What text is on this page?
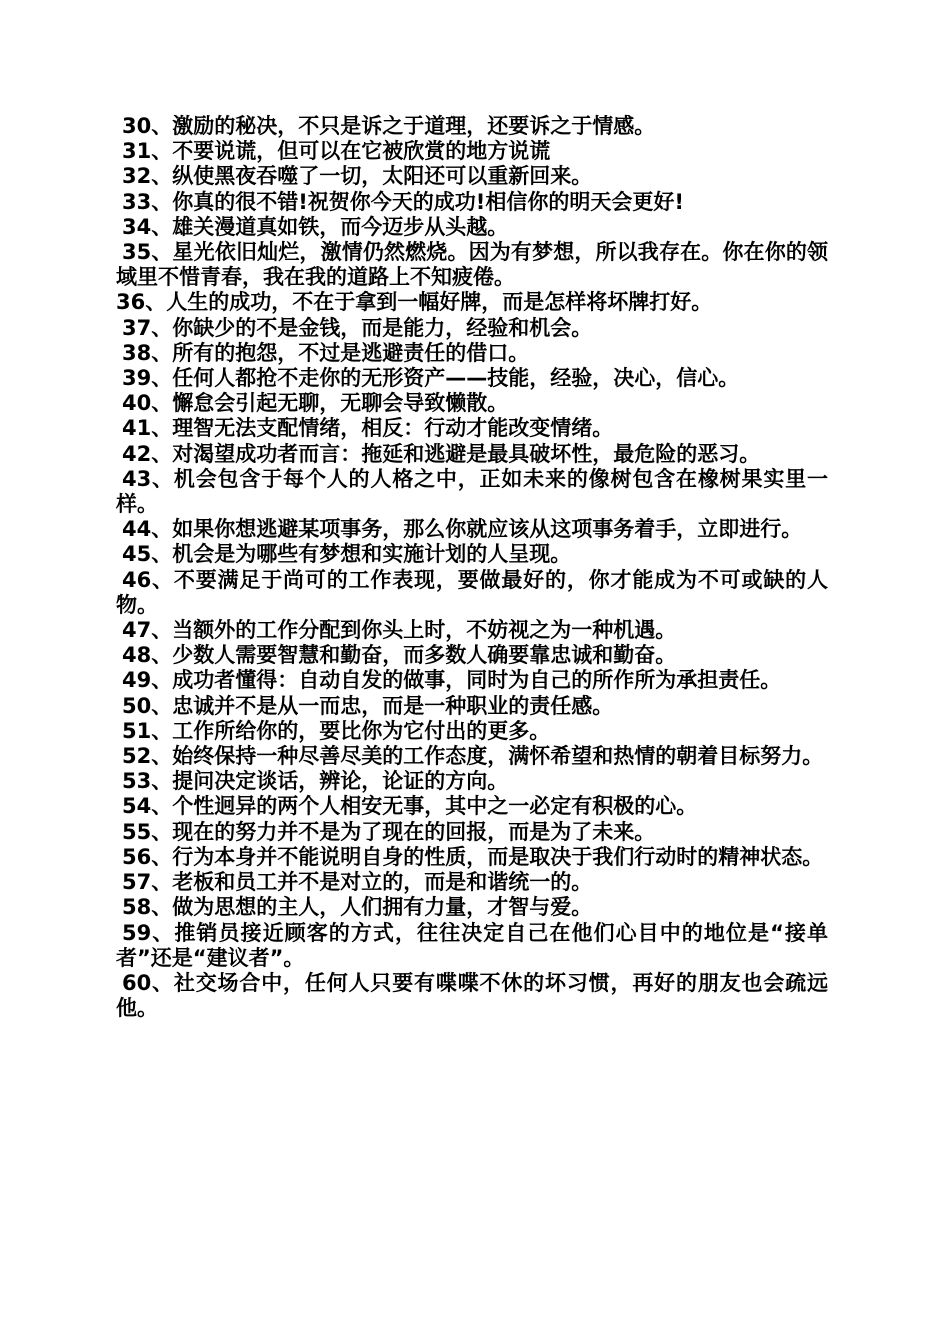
30、激励的秘决，不只是诉之于道理，还要诉之于情感。

31、不要说谎，但可以在它被欣赏的地方说谎

32、纵使黑夜吞噬了一切，太阳还可以重新回来。

33、你真的很不错!祝贺你今天的成功!相信你的明天会更好!

34、雄关漫道真如铁，而今迈步从头越。

35、星光依旧灿烂，激情仍然燃烧。因为有梦想，所以我存在。你在你的领域里不惜青春，我在我的道路上不知疲倦。

36、人生的成功，不在于拿到一幅好牌，而是怎样将坏牌打好。

37、你缺少的不是金钱，而是能力，经验和机会。

38、所有的抱怨，不过是逃避责任的借口。

39、任何人都抢不走你的无形资产——技能，经验，决心，信心。

40、懈怠会引起无聊，无聊会导致懒散。

41、理智无法支配情绪，相反：行动才能改变情绪。

42、对渴望成功者而言：拖延和逃避是最具破坏性，最危险的恶习。

43、机会包含于每个人的人格之中，正如未来的像树包含在橡树果实里一样。

44、如果你想逃避某项事务，那么你就应该从这项事务着手，立即进行。

45、机会是为哪些有梦想和实施计划的人呈现。

46、不要满足于尚可的工作表现，要做最好的，你才能成为不可或缺的人物。

47、当额外的工作分配到你头上时，不妨视之为一种机遇。

48、少数人需要智慧和勤奋，而多数人确要靠忠诚和勤奋。

49、成功者懂得：自动自发的做事，同时为自己的所作所为承担责任。

50、忠诚并不是从一而忠，而是一种职业的责任感。

51、工作所给你的，要比你为它付出的更多。

52、始终保持一种尽善尽美的工作态度，满怀希望和热情的朝着目标努力。

53、提问决定谈话，辨论，论证的方向。

54、个性迥异的两个人相安无事，其中之一必定有积极的心。

55、现在的努力并不是为了现在的回报，而是为了未来。

56、行为本身并不能说明自身的性质，而是取决于我们行动时的精神状态。

57、老板和员工并不是对立的，而是和谐统一的。

58、做为思想的主人，人们拥有力量，才智与爱。

59、推销员接近顾客的方式，往往决定自己在他们心目中的地位是“接单者”还是“建议者”。

60、社交场合中，任何人只要有喋喋不休的坏习惯，再好的朋友也会疏远他。
